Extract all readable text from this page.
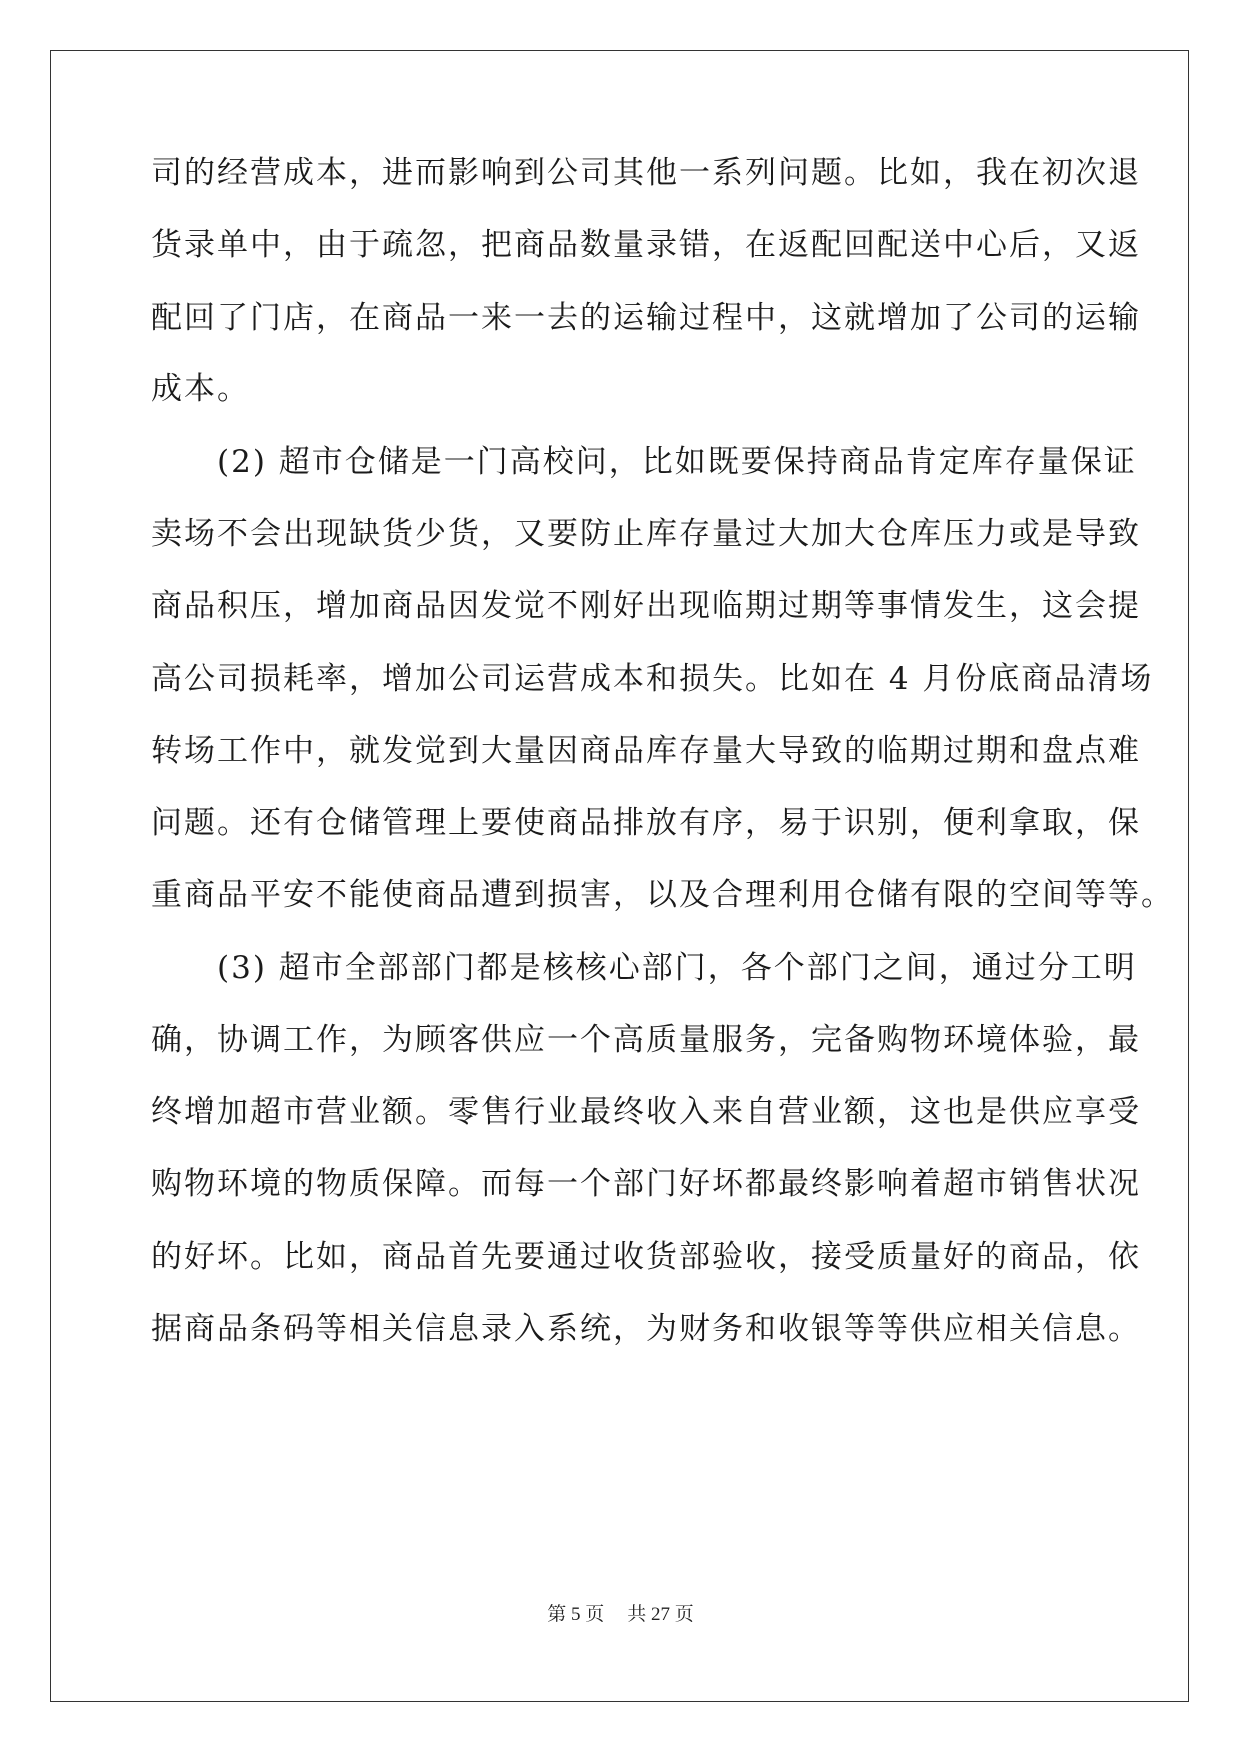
司的经营成本，进而影响到公司其他一系列问题。比如，我在初次退
货录单中，由于疏忽，把商品数量录错，在返配回配送中心后，又返
配回了门店，在商品一来一去的运输过程中，这就增加了公司的运输
成本。
　　(2) 超市仓储是一门高校问，比如既要保持商品肯定库存量保证
卖场不会出现缺货少货，又要防止库存量过大加大仓库压力或是导致
商品积压，增加商品因发觉不刚好出现临期过期等事情发生，这会提
高公司损耗率，增加公司运营成本和损失。比如在 4 月份底商品清场
转场工作中，就发觉到大量因商品库存量大导致的临期过期和盘点难
问题。还有仓储管理上要使商品排放有序，易于识别，便利拿取，保
重商品平安不能使商品遭到损害，以及合理利用仓储有限的空间等等。
　　(3) 超市全部部门都是核核心部门，各个部门之间，通过分工明
确，协调工作，为顾客供应一个高质量服务，完备购物环境体验，最
终增加超市营业额。零售行业最终收入来自营业额，这也是供应享受
购物环境的物质保障。而每一个部门好坏都最终影响着超市销售状况
的好坏。比如，商品首先要通过收货部验收，接受质量好的商品，依
据商品条码等相关信息录入系统，为财务和收银等等供应相关信息。
第 5 页 共 27 页
